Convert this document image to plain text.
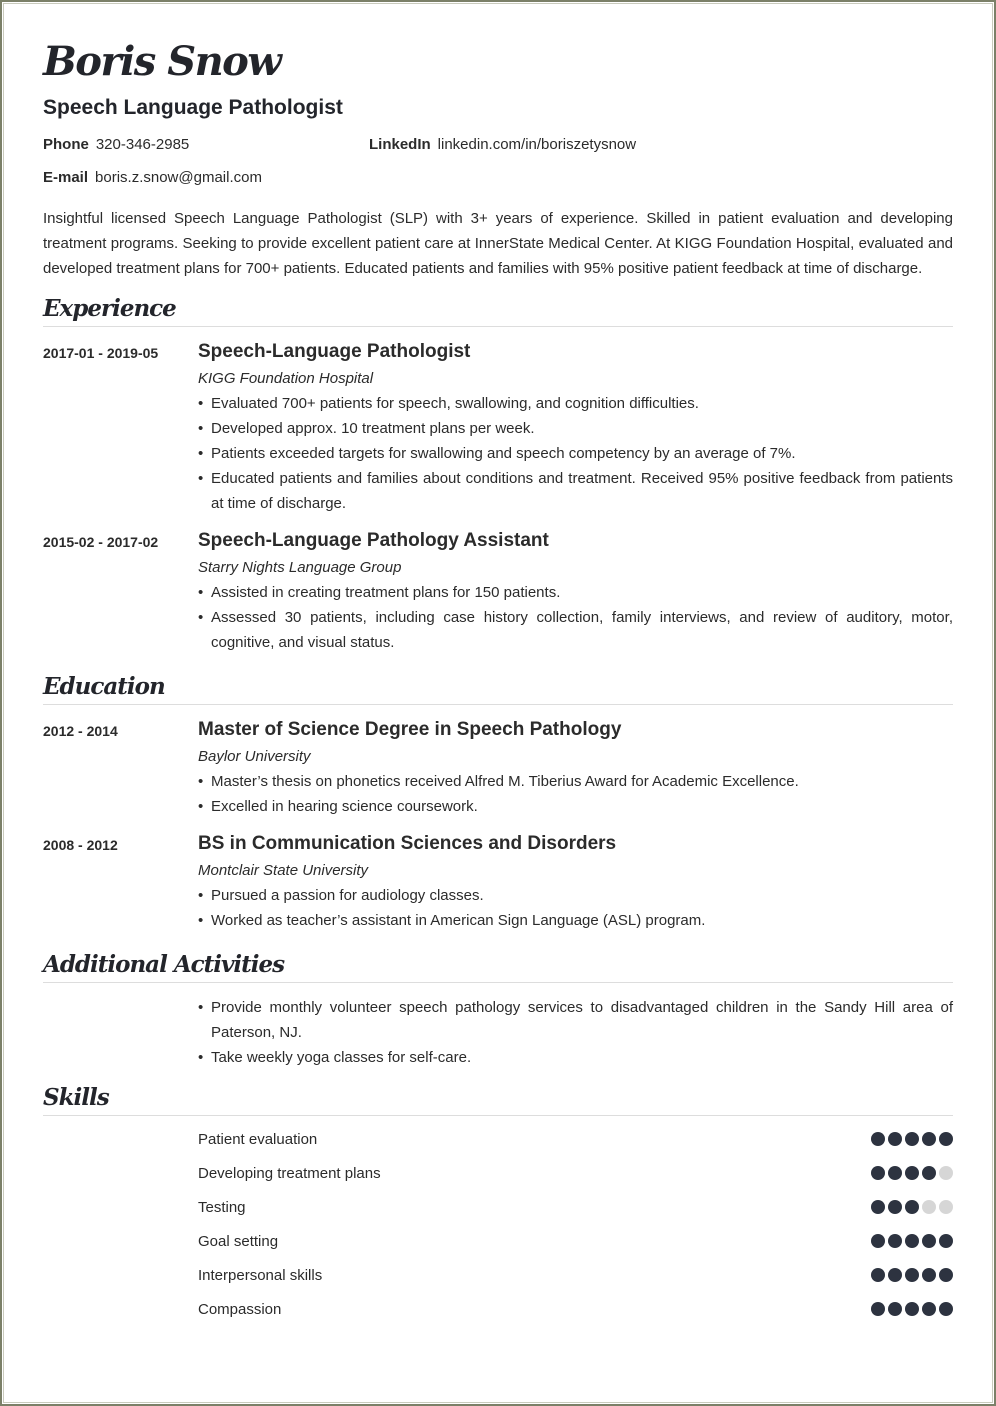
Boris Snow
Speech Language Pathologist
Phone 320-346-2985	LinkedIn linkedin.com/in/boriszetysnow
E-mail boris.z.snow@gmail.com
Insightful licensed Speech Language Pathologist (SLP) with 3+ years of experience. Skilled in patient evaluation and developing treatment programs. Seeking to provide excellent patient care at InnerState Medical Center. At KIGG Foundation Hospital, evaluated and developed treatment plans for 700+ patients. Educated patients and families with 95% positive patient feedback at time of discharge.
Experience
2017-01 - 2019-05	Speech-Language Pathologist
KIGG Foundation Hospital
• Evaluated 700+ patients for speech, swallowing, and cognition difficulties.
• Developed approx. 10 treatment plans per week.
• Patients exceeded targets for swallowing and speech competency by an average of 7%.
• Educated patients and families about conditions and treatment. Received 95% positive feedback from patients at time of discharge.
2015-02 - 2017-02	Speech-Language Pathology Assistant
Starry Nights Language Group
• Assisted in creating treatment plans for 150 patients.
• Assessed 30 patients, including case history collection, family interviews, and review of auditory, motor, cognitive, and visual status.
Education
2012 - 2014	Master of Science Degree in Speech Pathology
Baylor University
• Master’s thesis on phonetics received Alfred M. Tiberius Award for Academic Excellence.
• Excelled in hearing science coursework.
2008 - 2012	BS in Communication Sciences and Disorders
Montclair State University
• Pursued a passion for audiology classes.
• Worked as teacher’s assistant in American Sign Language (ASL) program.
Additional Activities
• Provide monthly volunteer speech pathology services to disadvantaged children in the Sandy Hill area of Paterson, NJ.
• Take weekly yoga classes for self-care.
Skills
Patient evaluation
Developing treatment plans
Testing
Goal setting
Interpersonal skills
Compassion
